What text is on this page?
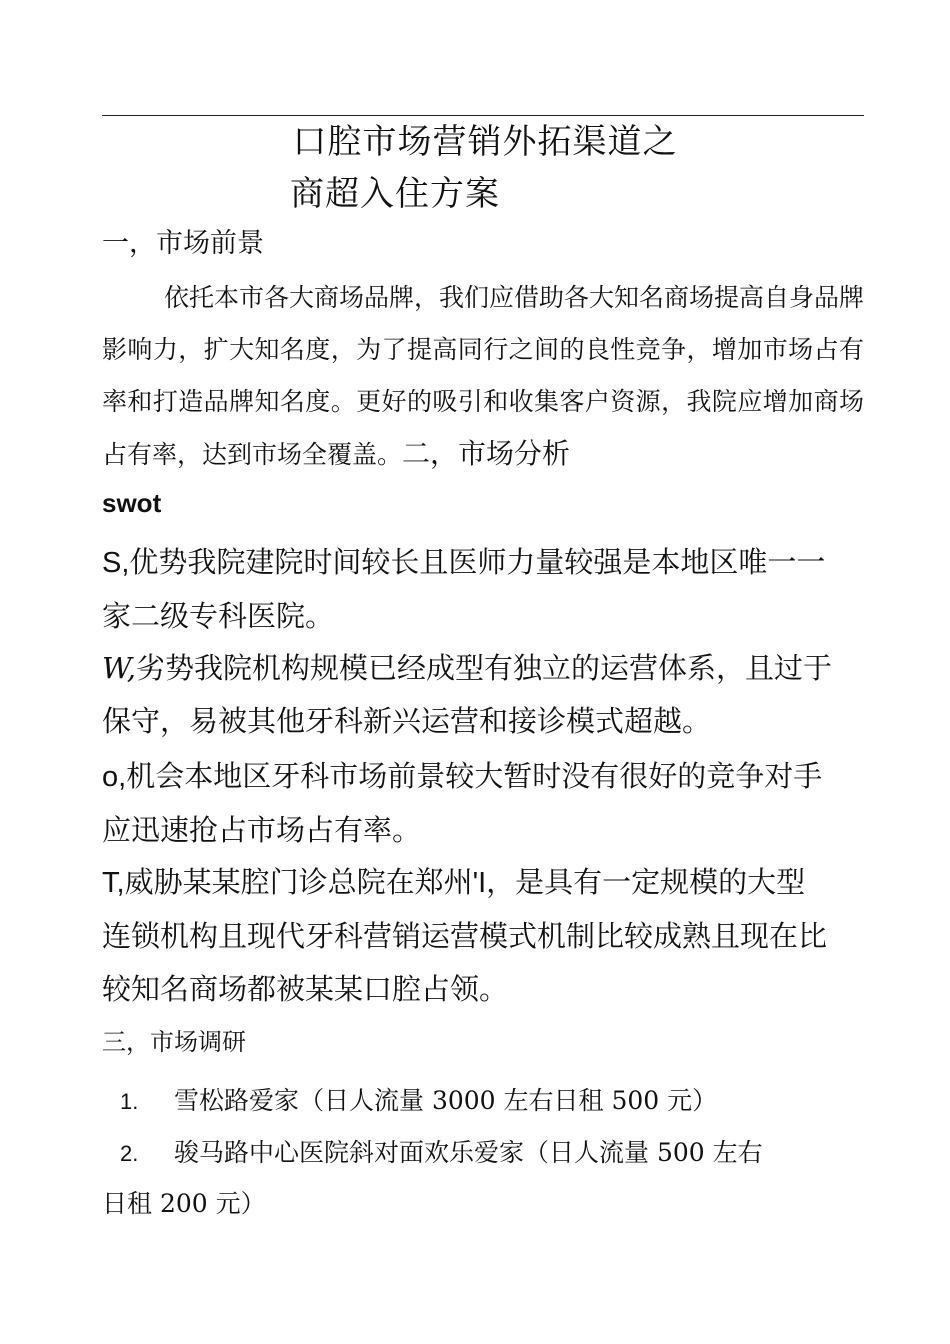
口腔市场营销外拓渠道之
商超入住方案
一，市场前景
依托本市各大商场品牌，我们应借助各大知名商场提高自身品牌影响力，扩大知名度，为了提高同行之间的良性竞争，增加市场占有率和打造品牌知名度。更好的吸引和收集客户资源，我院应增加商场占有率，达到市场全覆盖。二，市场分析
swot
S,优势我院建院时间较长且医师力量较强是本地区唯一一
家二级专科医院。
W,劣势我院机构规模已经成型有独立的运营体系，且过于
保守，易被其他牙科新兴运营和接诊模式超越。
o,机会本地区牙科市场前景较大暂时没有很好的竞争对手
应迅速抢占市场占有率。
T,威胁某某腔门诊总院在郑州'I，是具有一定规模的大型
连锁机构且现代牙科营销运营模式机制比较成熟且现在比
较知名商场都被某某口腔占领。
三，市场调研
1. 雪松路爱家（日人流量 3000 左右日租 500 元）
2. 骏马路中心医院斜对面欢乐爱家（日人流量 500 左右
日租 200 元）
